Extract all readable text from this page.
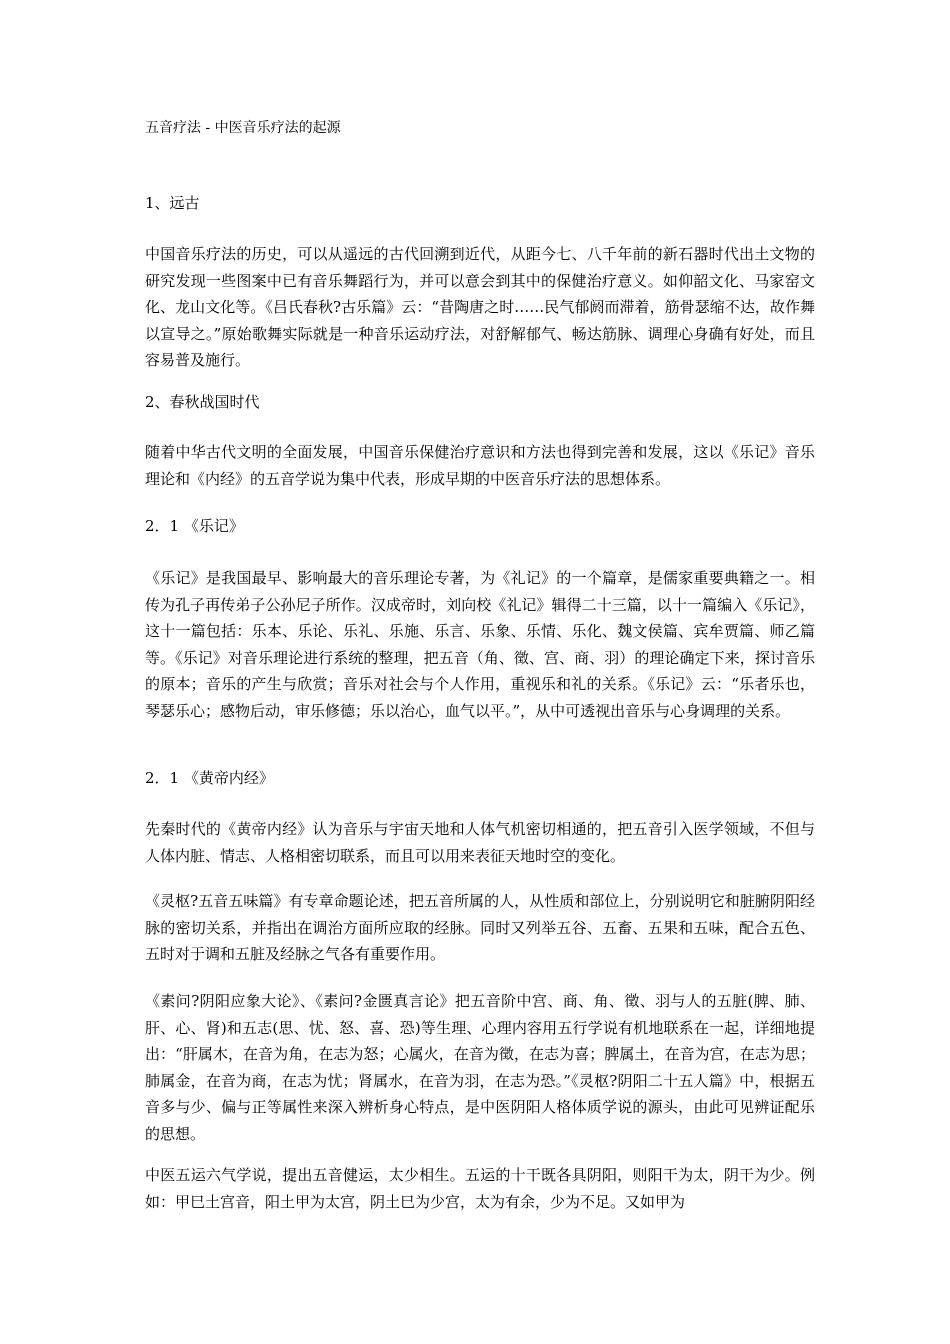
五音疗法 - 中医音乐疗法的起源
1、远古
中国音乐疗法的历史，可以从遥远的古代回溯到近代，从距今七、八千年前的新石器时代出土文物的研究发现一些图案中已有音乐舞蹈行为，并可以意会到其中的保健治疗意义。如仰韶文化、马家窑文化、龙山文化等。《吕氏春秋?古乐篇》云：“昔陶唐之时……民气郁阏而滞着，筋骨瑟缩不达，故作舞以宣导之。”原始歌舞实际就是一种音乐运动疗法，对舒解郁气、畅达筋脉、调理心身确有好处，而且容易普及施行。
2、春秋战国时代
随着中华古代文明的全面发展，中国音乐保健治疗意识和方法也得到完善和发展，这以《乐记》音乐理论和《内经》的五音学说为集中代表，形成早期的中医音乐疗法的思想体系。
2．1 《乐记》
《乐记》是我国最早、影响最大的音乐理论专著，为《礼记》的一个篇章，是儒家重要典籍之一。相传为孔子再传弟子公孙尼子所作。汉成帝时，刘向校《礼记》辑得二十三篇，以十一篇编入《乐记》，这十一篇包括：乐本、乐论、乐礼、乐施、乐言、乐象、乐情、乐化、魏文侯篇、宾牟贾篇、师乙篇等。《乐记》对音乐理论进行系统的整理，把五音（角、徵、宫、商、羽）的理论确定下来，探讨音乐的原本；音乐的产生与欣赏；音乐对社会与个人作用，重视乐和礼的关系。《乐记》云：“乐者乐也，琴瑟乐心；感物后动，审乐修德；乐以治心，血气以平。”，从中可透视出音乐与心身调理的关系。
2．1 《黄帝内经》
先秦时代的《黄帝内经》认为音乐与宇宙天地和人体气机密切相通的，把五音引入医学领域，不但与人体内脏、情志、人格相密切联系，而且可以用来表征天地时空的变化。
《灵枢?五音五味篇》有专章命题论述，把五音所属的人，从性质和部位上，分别说明它和脏腑阴阳经脉的密切关系，并指出在调治方面所应取的经脉。同时又列举五谷、五畜、五果和五味，配合五色、五时对于调和五脏及经脉之气各有重要作用。
《素问?阴阳应象大论》、《素问?金匮真言论》把五音阶中宫、商、角、徵、羽与人的五脏(脾、肺、肝、心、肾)和五志(思、忧、怒、喜、恐)等生理、心理内容用五行学说有机地联系在一起，详细地提出：“肝属木，在音为角，在志为怒；心属火，在音为徵，在志为喜；脾属土，在音为宫，在志为思；肺属金，在音为商，在志为忧；肾属水，在音为羽，在志为恐。”《灵枢?阴阳二十五人篇》中，根据五音多与少、偏与正等属性来深入辨析身心特点，是中医阴阳人格体质学说的源头，由此可见辨证配乐的思想。
中医五运六气学说，提出五音健运，太少相生。五运的十干既各具阴阳，则阳干为太，阴干为少。例如：甲巳土宫音，阳土甲为太宫，阴土巳为少宫，太为有余，少为不足。又如甲为
